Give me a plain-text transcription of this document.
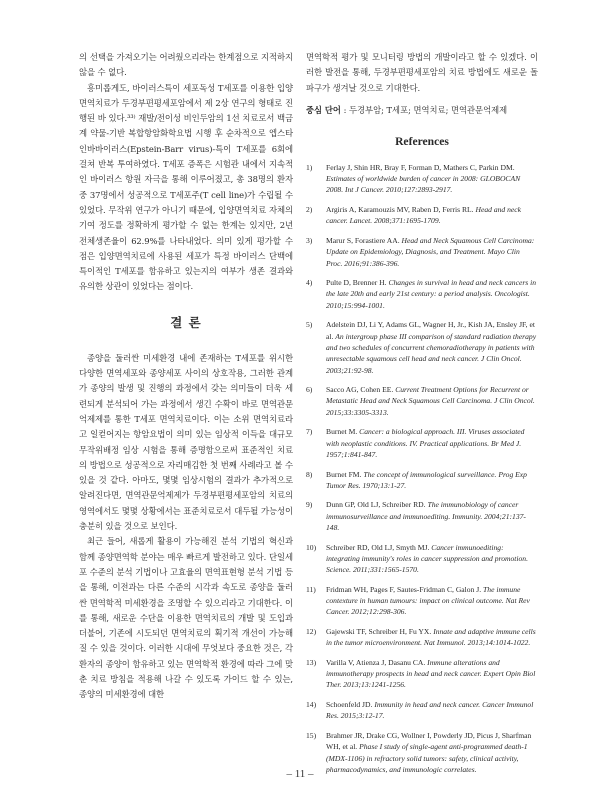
의 선택을 가져오기는 어려웠으리라는 한계점으로 지적하지 않을 수 없다.

흥미롭게도, 바이러스특이 세포독성 T세포를 이용한 입양면역치료가 두경부편평세포암에서 제 2상 연구의 형태로 진행된 바 있다.³³⁾ 재발/전이성 비인두암의 1선 치료로서 백금계 약물-기반 복합항암화학요법 시행 후 순차적으로 엡스타인바바이러스(Epstein-Barr virus)-특이 T세포를 6회에 걸쳐 반복 투여하였다. T세포 증폭은 시험관 내에서 지속적인 바이러스 항원 자극을 통해 이루어졌고, 총 38명의 환자 중 37명에서 성공적으로 T세포주(T cell line)가 수립될 수 있었다. 무작위 연구가 아니기 때문에, 입양면역치료 자체의 기여 정도를 정확하게 평가할 수 없는 한계는 있지만, 2년 전체생존율이 62.9%를 나타내었다. 의미 있게 평가할 수 점은 입양면역치료에 사용된 세포가 특정 바이러스 단백에 특이적인 T세포를 함유하고 있는지의 여부가 생존 결과와 유의한 상관이 있었다는 점이다.

결 론

종양을 둘러싼 미세환경 내에 존재하는 T세포를 위시한 다양한 면역세포와 종양세포 사이의 상호작용, 그러한 관계가 종양의 발생 및 진행의 과정에서 갖는 의미들이 더욱 세련되게 분석되어 가는 과정에서 생긴 수확이 바로 면역관문억제제를 통한 T세포 면역치료이다. 이는 소위 면역치료라고 일컫어지는 항암요법이 의미 있는 임상적 이득을 대규모 무작위배정 임상 시험을 통해 증명함으로써 표준적인 치료의 방법으로 성공적으로 자리매김한 첫 번째 사례라고 볼 수 있을 것 같다. 아마도, 몇몇 임상시험의 결과가 추가적으로 알려진다면, 면역관문억제제가 두경부편평세포암의 치료의 영역에서도 몇몇 상황에서는 표준치료로서 대두될 가능성이 충분히 있을 것으로 보인다.

최근 들어, 새롭게 활용이 가능해진 분석 기법의 혁신과 함께 종양면역학 분야는 매우 빠르게 발전하고 있다. 단일세포 수준의 분석 기법이나 고효율의 면역표현형 분석 기법 등을 통해, 이전과는 다른 수준의 시각과 속도로 종양을 둘러싼 면역학적 미세환경을 조명할 수 있으리라고 기대한다. 이를 통해, 새로운 수단을 이용한 면역치료의 개발 및 도입과 더불어, 기존에 시도되던 면역치료의 획기적 개선이 가능해 질 수 있을 것이다. 이러한 시대에 무엇보다 중요한 것은, 각 환자의 종양이 함유하고 있는 면역학적 환경에 따라 그에 맞춘 치료 방침을 적용해 나갈 수 있도록 가이드 할 수 있는, 종양의 미세환경에 대한

면역학적 평가 및 모니터링 방법의 개발이라고 할 수 있겠다. 이러한 발전을 통해, 두경부편평세포암의 치료 방법에도 새로운 돌파구가 생겨날 것으로 기대한다.

중심 단어 : 두경부암; T세포; 면역치료; 면역관문억제제

References
1) Ferlay J, Shin HR, Bray F, Forman D, Mathers C, Parkin DM. Estimates of worldwide burden of cancer in 2008: GLOBOCAN 2008. Int J Cancer. 2010;127:2893-2917.
2) Argiris A, Karamouzis MV, Raben D, Ferris RL. Head and neck cancer. Lancet. 2008;371:1695-1709.
3) Marur S, Forastiere AA. Head and Neck Squamous Cell Carcinoma: Update on Epidemiology, Diagnosis, and Treatment. Mayo Clin Proc. 2016;91:386-396.
4) Pulte D, Brenner H. Changes in survival in head and neck cancers in the late 20th and early 21st century: a period analysis. Oncologist. 2010;15:994-1001.
5) Adelstein DJ, Li Y, Adams GL, Wagner H, Jr., Kish JA, Ensley JF, et al. An intergroup phase III comparison of standard radiation therapy and two schedules of concurrent chemoradiotherapy in patients with unresectable squamous cell head and neck cancer. J Clin Oncol. 2003;21:92-98.
6) Sacco AG, Cohen EE. Current Treatment Options for Recurrent or Metastatic Head and Neck Squamous Cell Carcinoma. J Clin Oncol. 2015;33:3305-3313.
7) Burnet M. Cancer: a biological approach. III. Viruses associated with neoplastic conditions. IV. Practical applications. Br Med J. 1957;1:841-847.
8) Burnet FM. The concept of immunological surveillance. Prog Exp Tumor Res. 1970;13:1-27.
9) Dunn GP, Old LJ, Schreiber RD. The immunobiology of cancer immunosurveillance and immunoediting. Immunity. 2004;21:137-148.
10) Schreiber RD, Old LJ, Smyth MJ. Cancer immunoediting: integrating immunity's roles in cancer suppression and promotion. Science. 2011;331:1565-1570.
11) Fridman WH, Pages F, Sautes-Fridman C, Galon J. The immune contexture in human tumours: impact on clinical outcome. Nat Rev Cancer. 2012;12:298-306.
12) Gajewski TF, Schreiber H, Fu YX. Innate and adaptive immune cells in the tumor microenvironment. Nat Immunol. 2013;14:1014-1022.
13) Varilla V, Atienza J, Dasanu CA. Immune alterations and immunotherapy prospects in head and neck cancer. Expert Opin Biol Ther. 2013;13:1241-1256.
14) Schoenfeld JD. Immunity in head and neck cancer. Cancer Immunol Res. 2015;3:12-17.
15) Brahmer JR, Drake CG, Wollner I, Powderly JD, Picus J, Sharfman WH, et al. Phase I study of single-agent anti-programmed death-1 (MDX-1106) in refractory solid tumors: safety, clinical activity, pharmacodynamics, and immunologic correlates.
– 11 –
